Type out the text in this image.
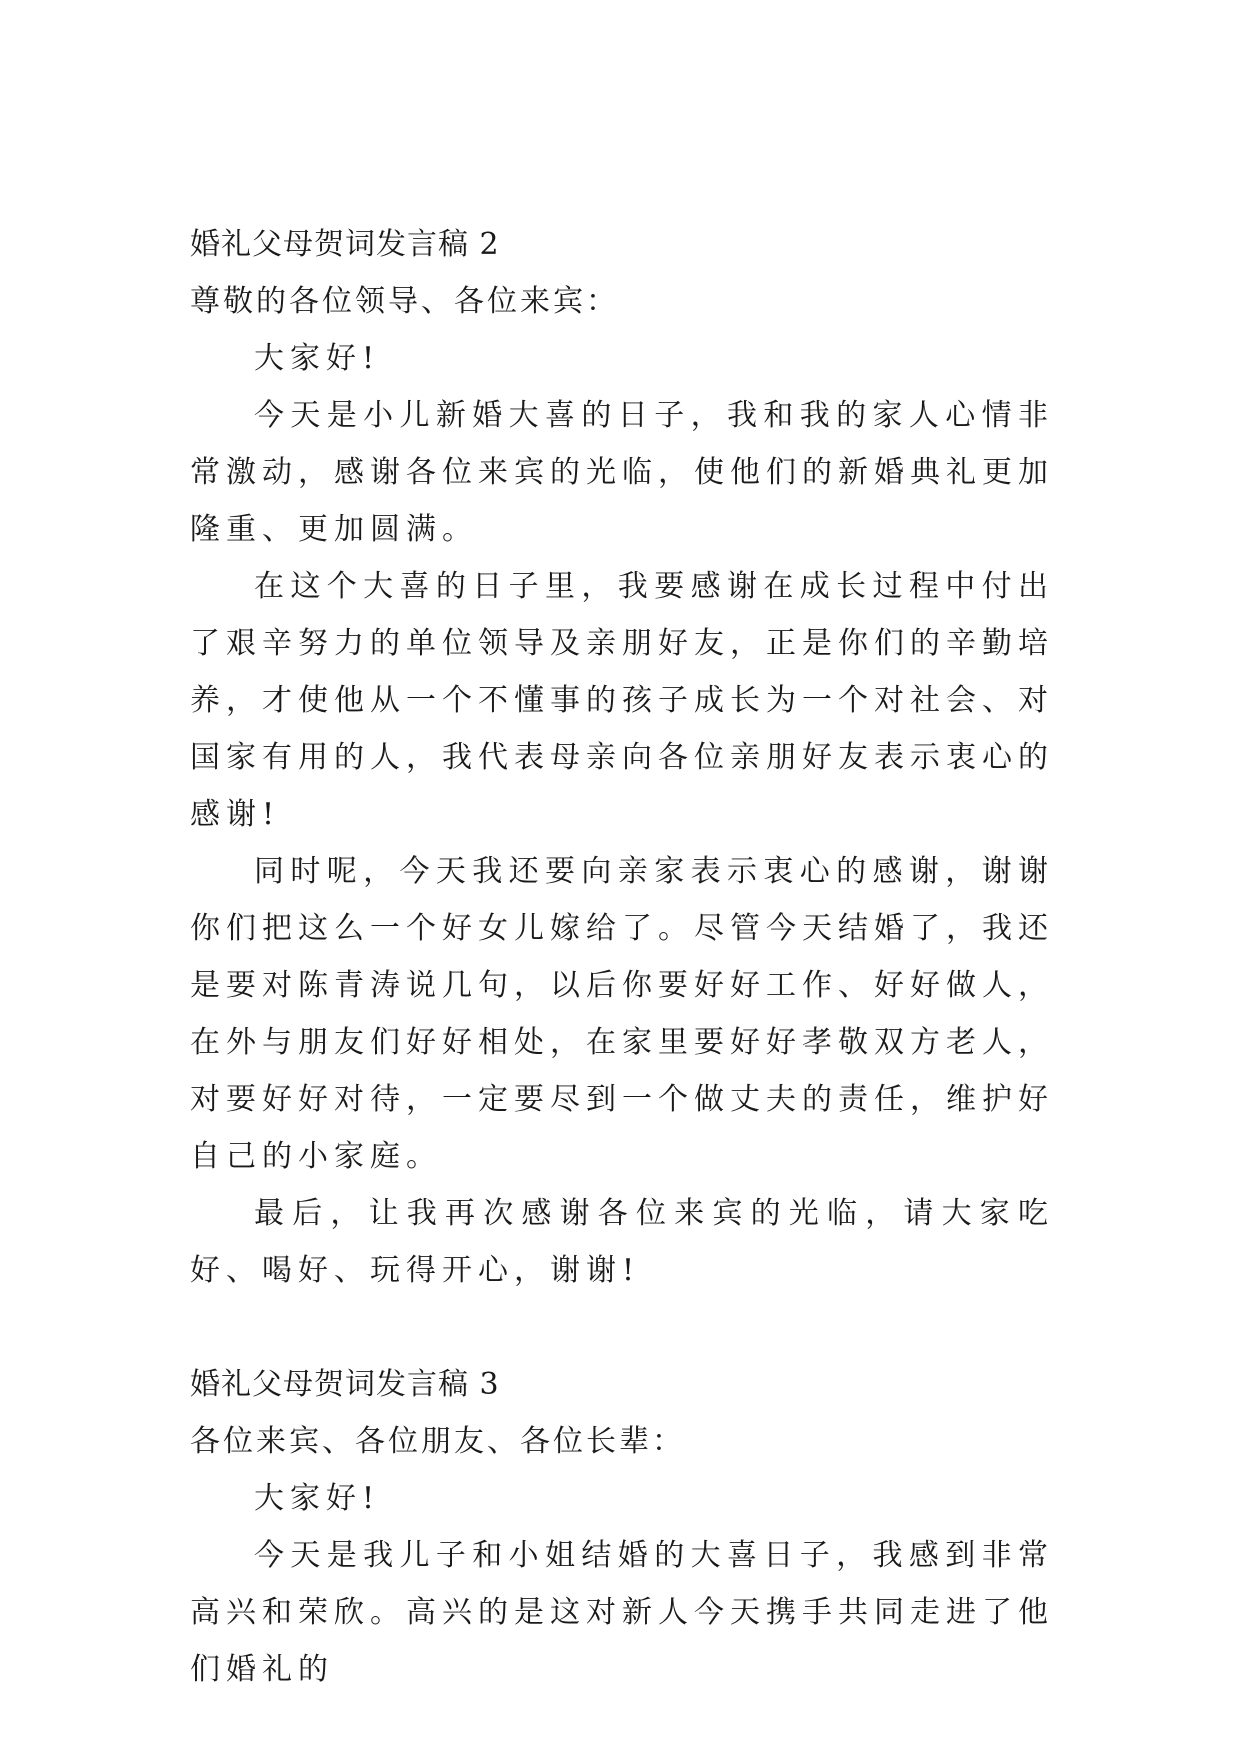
婚礼父母贺词发言稿 2

尊敬的各位领导、各位来宾：

大家好!

今天是小儿新婚大喜的日子，我和我的家人心情非常激动，感谢各位来宾的光临，使他们的新婚典礼更加隆重、更加圆满。

在这个大喜的日子里，我要感谢在成长过程中付出了艰辛努力的单位领导及亲朋好友，正是你们的辛勤培养，才使他从一个不懂事的孩子成长为一个对社会、对国家有用的人，我代表母亲向各位亲朋好友表示衷心的感谢!

同时呢，今天我还要向亲家表示衷心的感谢，谢谢你们把这么一个好女儿嫁给了。尽管今天结婚了，我还是要对陈青涛说几句，以后你要好好工作、好好做人，在外与朋友们好好相处，在家里要好好孝敬双方老人，对要好好对待，一定要尽到一个做丈夫的责任，维护好自己的小家庭。

最后，让我再次感谢各位来宾的光临，请大家吃好、喝好、玩得开心，谢谢!

婚礼父母贺词发言稿 3

各位来宾、各位朋友、各位长辈：

大家好!

今天是我儿子和小姐结婚的大喜日子，我感到非常高兴和荣欣。高兴的是这对新人今天携手共同走进了他们婚礼的
